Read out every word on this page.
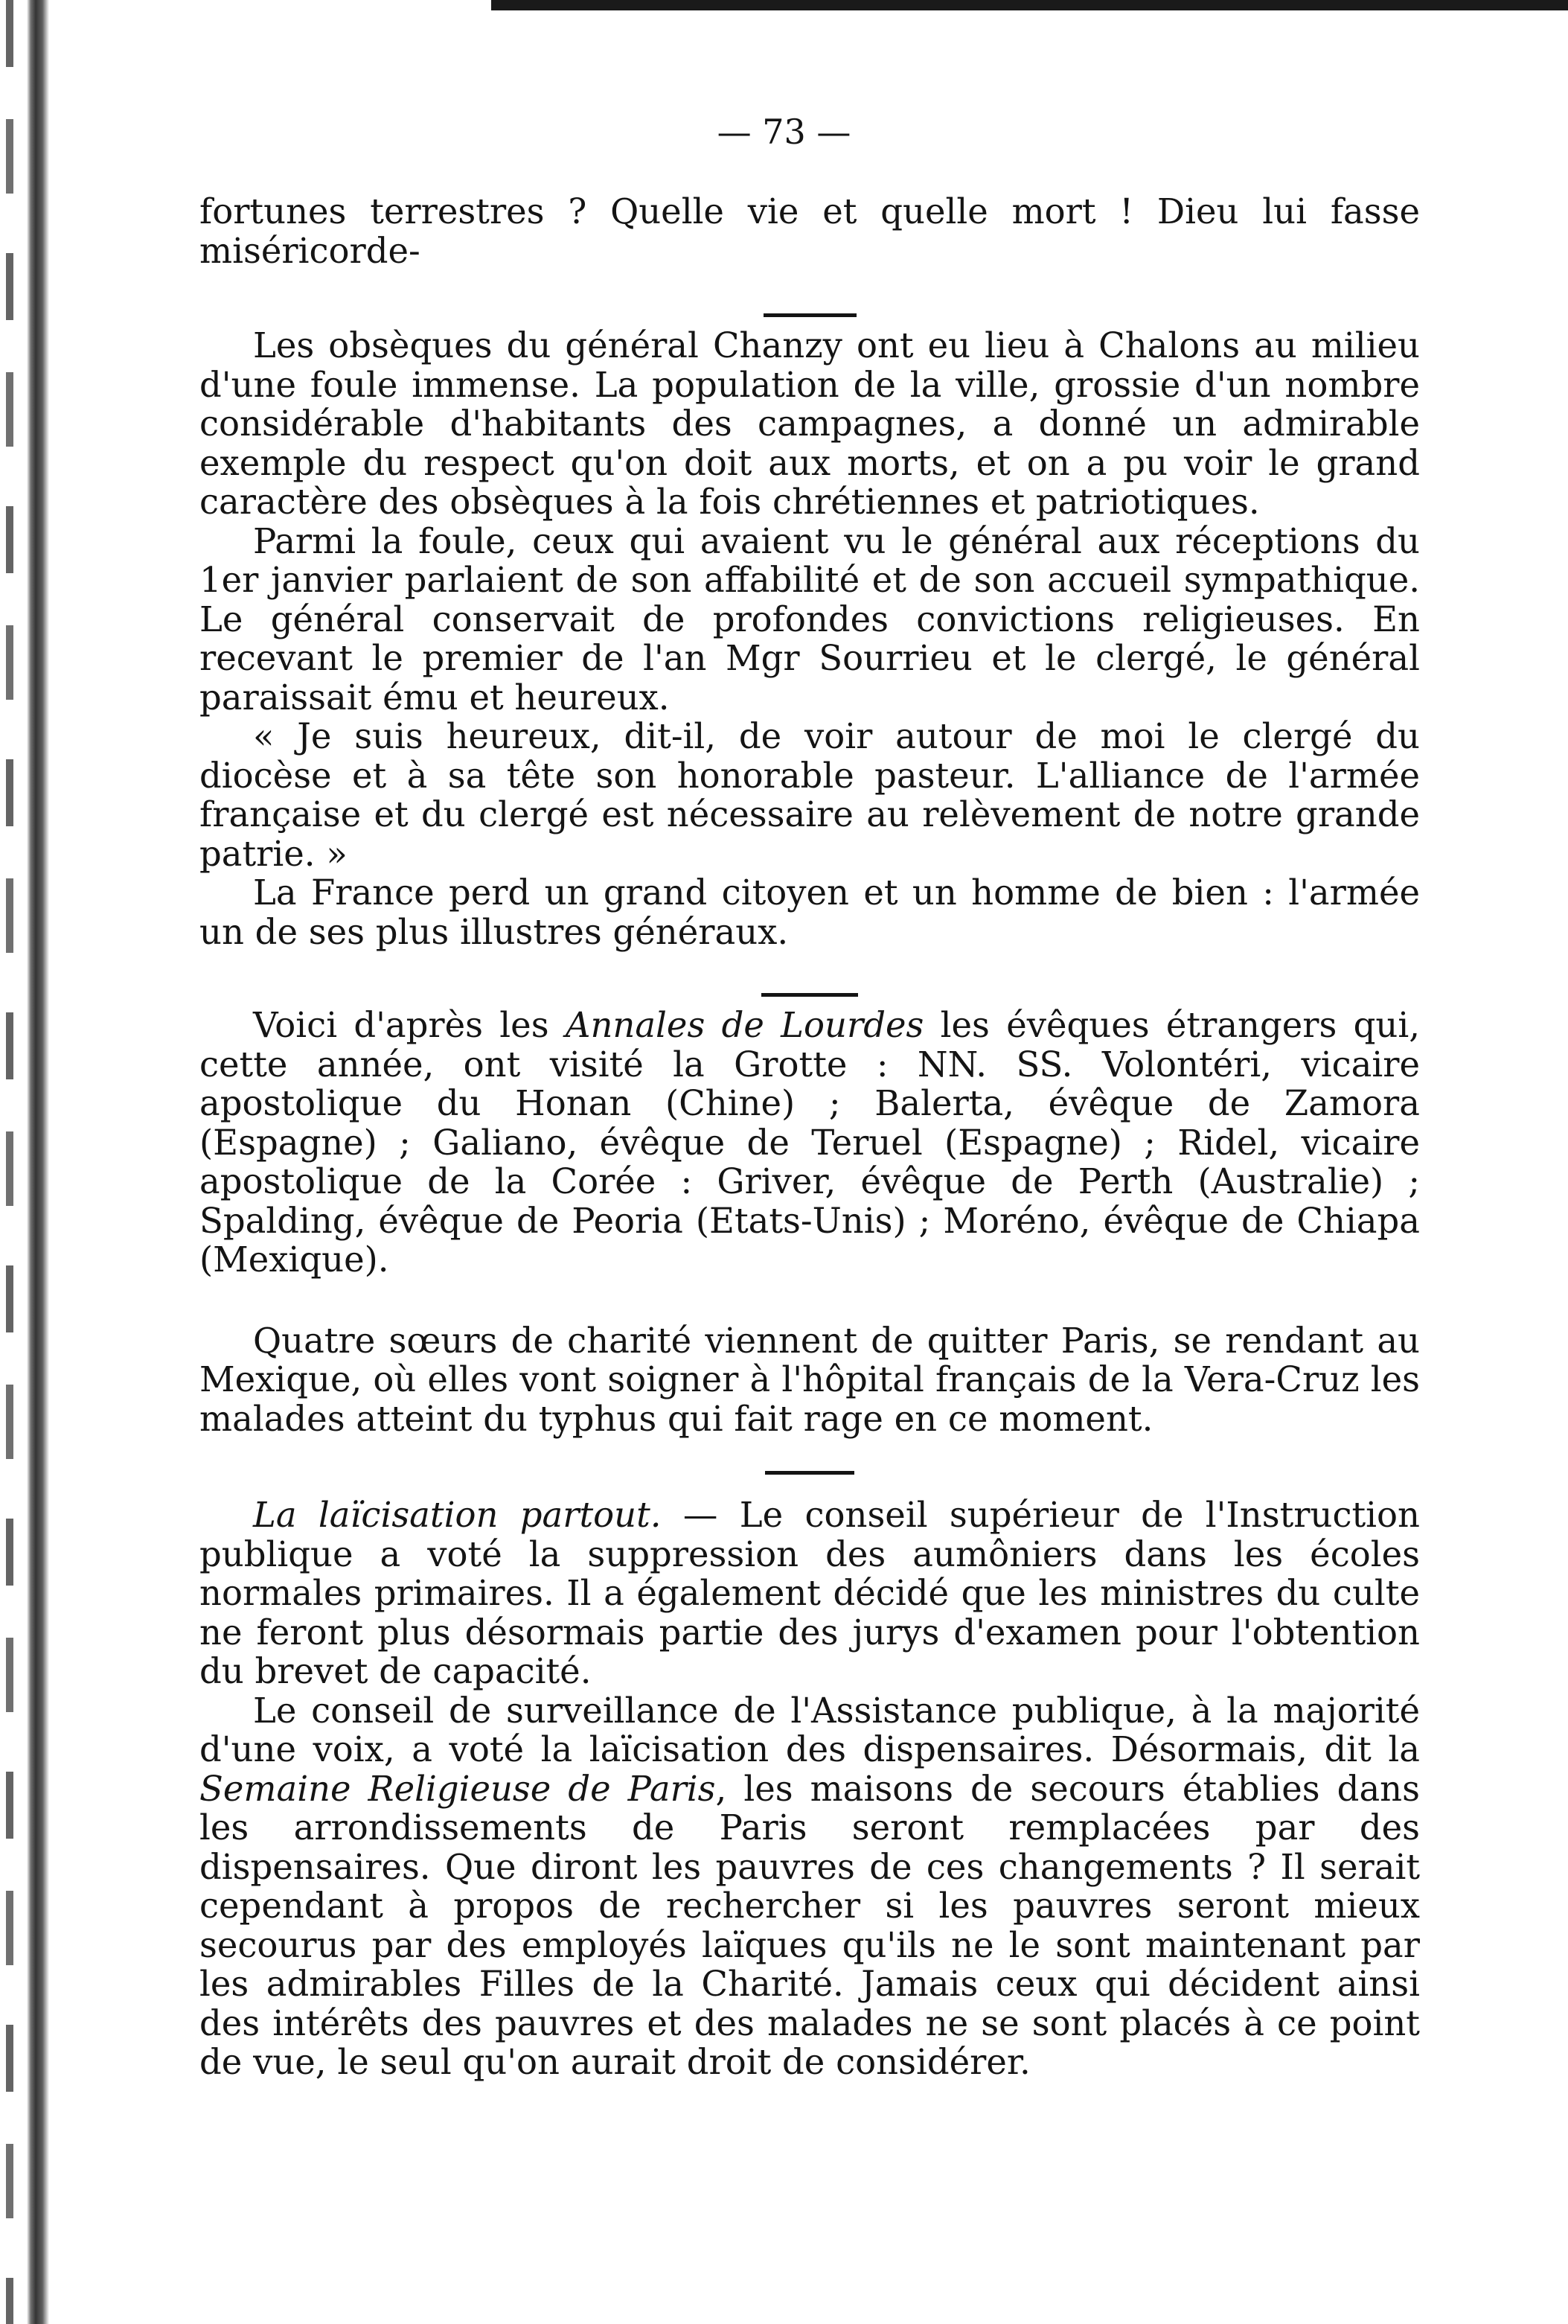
— 73 —

fortunes terrestres ? Quelle vie et quelle mort ! Dieu lui fasse miséricorde-

Les obsèques du général Chanzy ont eu lieu à Chalons au milieu d'une foule immense. La population de la ville, grossie d'un nombre considérable d'habitants des campagnes, a donné un admirable exemple du respect qu'on doit aux morts, et on a pu voir le grand caractère des obsèques à la fois chrétiennes et patriotiques.

Parmi la foule, ceux qui avaient vu le général aux réceptions du 1er janvier parlaient de son affabilité et de son accueil sympathique. Le général conservait de profondes convictions religieuses. En recevant le premier de l'an Mgr Sourrieu et le clergé, le général paraissait ému et heureux.

« Je suis heureux, dit-il, de voir autour de moi le clergé du diocèse et à sa tête son honorable pasteur. L'alliance de l'armée française et du clergé est nécessaire au relèvement de notre grande patrie. »

La France perd un grand citoyen et un homme de bien : l'armée un de ses plus illustres généraux.

Voici d'après les Annales de Lourdes les évêques étrangers qui, cette année, ont visité la Grotte : NN. SS. Volontéri, vicaire apostolique du Honan (Chine) ; Balerta, évêque de Zamora (Espagne) ; Galiano, évêque de Teruel (Espagne) ; Ridel, vicaire apostolique de la Corée : Griver, évêque de Perth (Australie) ; Spalding, évêque de Peoria (Etats-Unis) ; Moréno, évêque de Chiapa (Mexique).

Quatre sœurs de charité viennent de quitter Paris, se rendant au Mexique, où elles vont soigner à l'hôpital français de la Vera-Cruz les malades atteint du typhus qui fait rage en ce moment.

La laïcisation partout. — Le conseil supérieur de l'Instruction publique a voté la suppression des aumôniers dans les écoles normales primaires. Il a également décidé que les ministres du culte ne feront plus désormais partie des jurys d'examen pour l'obtention du brevet de capacité.

Le conseil de surveillance de l'Assistance publique, à la majorité d'une voix, a voté la laïcisation des dispensaires. Désormais, dit la Semaine Religieuse de Paris, les maisons de secours établies dans les arrondissements de Paris seront remplacées par des dispensaires. Que diront les pauvres de ces changements ? Il serait cependant à propos de rechercher si les pauvres seront mieux secourus par des employés laïques qu'ils ne le sont maintenant par les admirables Filles de la Charité. Jamais ceux qui décident ainsi des intérêts des pauvres et des malades ne se sont placés à ce point de vue, le seul qu'on aurait droit de considérer.
